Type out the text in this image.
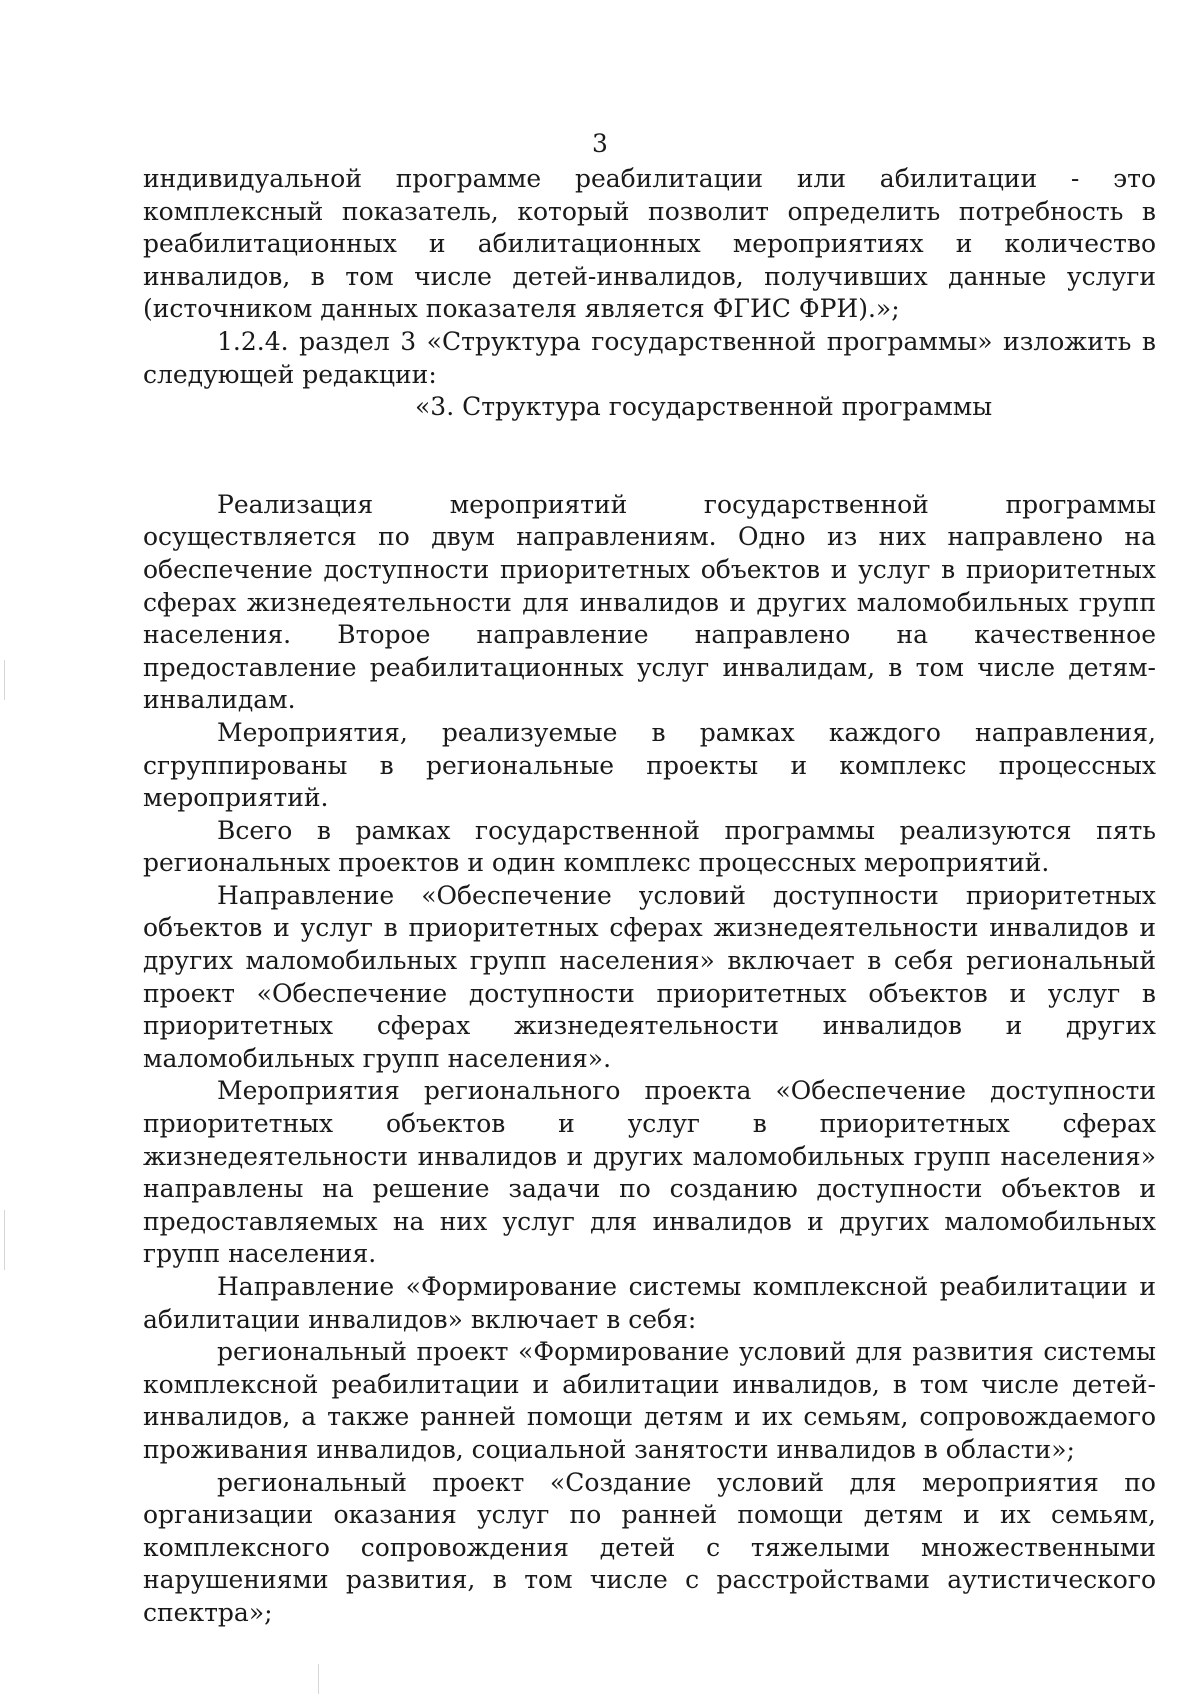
3

индивидуальной программе реабилитации или абилитации - это комплексный показатель, который позволит определить потребность в реабилитационных и абилитационных мероприятиях и количество инвалидов, в том числе детей-инвалидов, получивших данные услуги (источником данных показателя является ФГИС ФРИ).»;

1.2.4. раздел 3 «Структура государственной программы» изложить в следующей редакции:

«3. Структура государственной программы

Реализация мероприятий государственной программы осуществляется по двум направлениям. Одно из них направлено на обеспечение доступности приоритетных объектов и услуг в приоритетных сферах жизнедеятельности для инвалидов и других маломобильных групп населения. Второе направление направлено на качественное предоставление реабилитационных услуг инвалидам, в том числе детям-инвалидам.

Мероприятия, реализуемые в рамках каждого направления, сгруппированы в региональные проекты и комплекс процессных мероприятий.

Всего в рамках государственной программы реализуются пять региональных проектов и один комплекс процессных мероприятий.

Направление «Обеспечение условий доступности приоритетных объектов и услуг в приоритетных сферах жизнедеятельности инвалидов и других маломобильных групп населения» включает в себя региональный проект «Обеспечение доступности приоритетных объектов и услуг в приоритетных сферах жизнедеятельности инвалидов и других маломобильных групп населения».

Мероприятия регионального проекта «Обеспечение доступности приоритетных объектов и услуг в приоритетных сферах жизнедеятельности инвалидов и других маломобильных групп населения» направлены на решение задачи по созданию доступности объектов и предоставляемых на них услуг для инвалидов и других маломобильных групп населения.

Направление «Формирование системы комплексной реабилитации и абилитации инвалидов» включает в себя:

региональный проект «Формирование условий для развития системы комплексной реабилитации и абилитации инвалидов, в том числе детей-инвалидов, а также ранней помощи детям и их семьям, сопровождаемого проживания инвалидов, социальной занятости инвалидов в области»;

региональный проект «Создание условий для мероприятия по организации оказания услуг по ранней помощи детям и их семьям, комплексного сопровождения детей с тяжелыми множественными нарушениями развития, в том числе с расстройствами аутистического спектра»;
